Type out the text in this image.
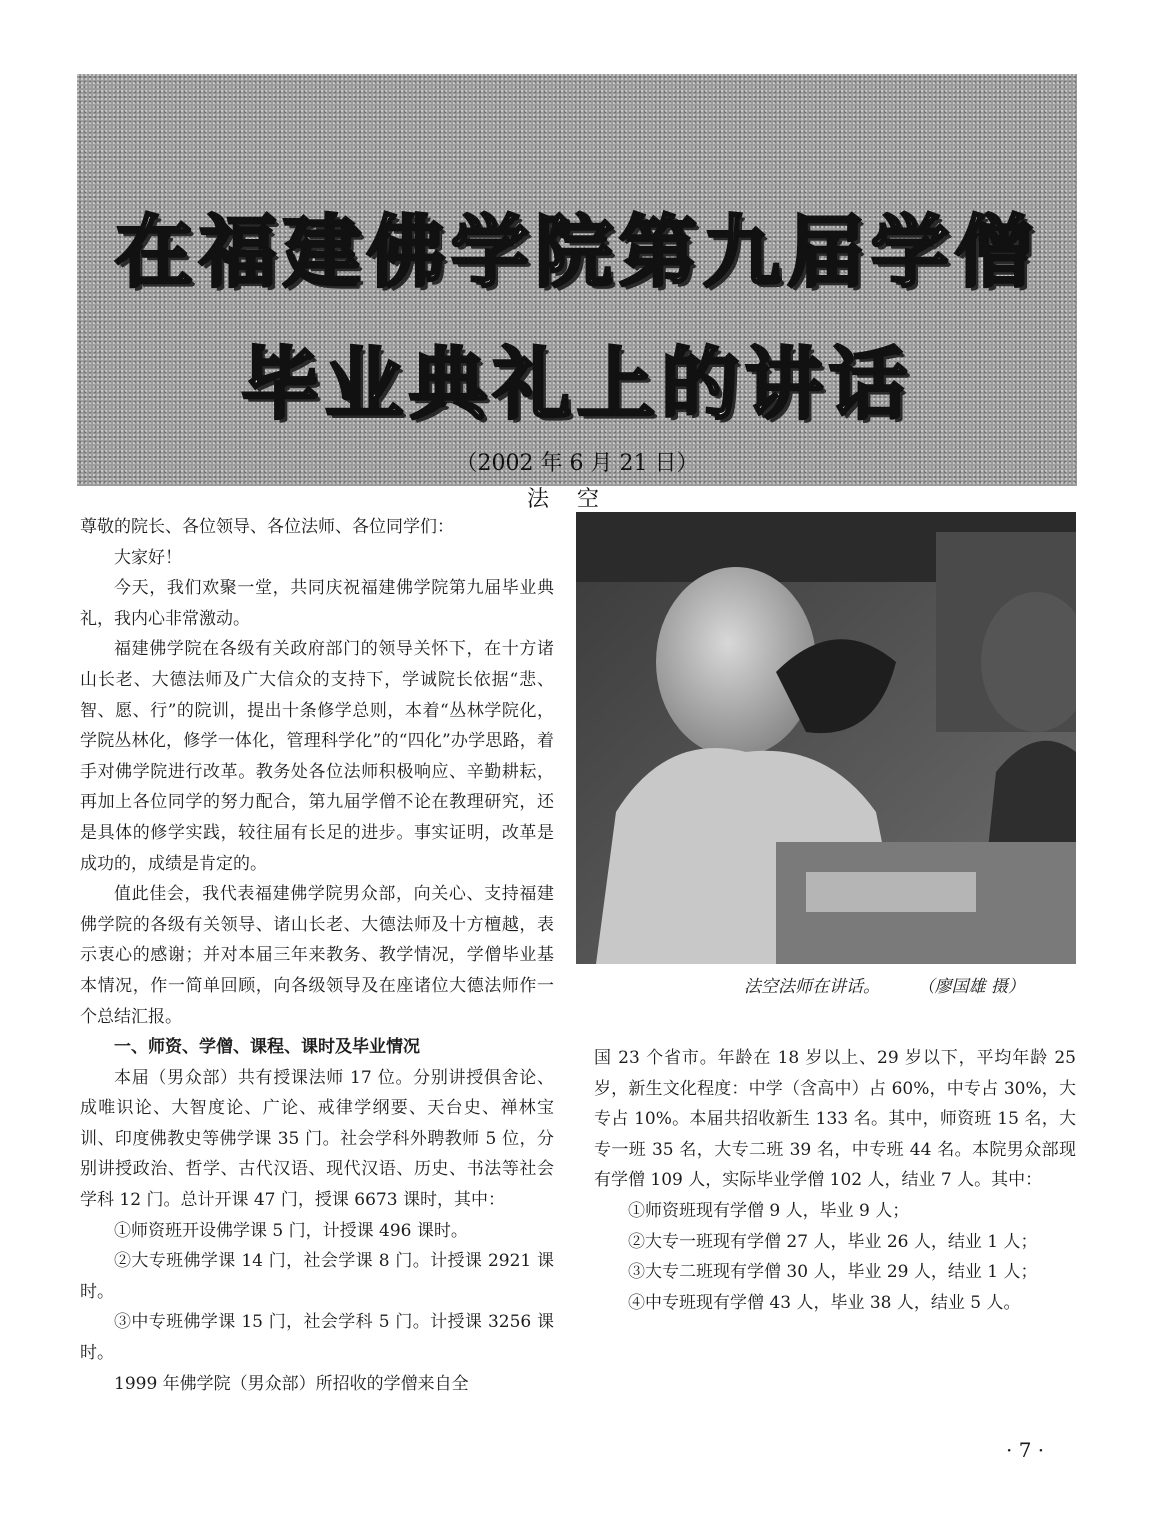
在福建佛学院第九届学僧
毕业典礼上的讲话
（2002 年 6 月 21 日）
法空

尊敬的院长、各位领导、各位法师、各位同学们：

大家好！

今天，我们欢聚一堂，共同庆祝福建佛学院第九届毕业典礼，我内心非常激动。

福建佛学院在各级有关政府部门的领导关怀下，在十方诸山长老、大德法师及广大信众的支持下，学诚院长依据“悲、智、愿、行”的院训，提出十条修学总则，本着“丛林学院化，学院丛林化，修学一体化，管理科学化”的“四化”办学思路，着手对佛学院进行改革。教务处各位法师积极响应、辛勤耕耘，再加上各位同学的努力配合，第九届学僧不论在教理研究，还是具体的修学实践，较往届有长足的进步。事实证明，改革是成功的，成绩是肯定的。

值此佳会，我代表福建佛学院男众部，向关心、支持福建佛学院的各级有关领导、诸山长老、大德法师及十方檀越，表示衷心的感谢；并对本届三年来教务、教学情况，学僧毕业基本情况，作一简单回顾，向各级领导及在座诸位大德法师作一个总结汇报。

一、师资、学僧、课程、课时及毕业情况

本届（男众部）共有授课法师 17 位。分别讲授俱舍论、成唯识论、大智度论、广论、戒律学纲要、天台史、禅林宝训、印度佛教史等佛学课 35 门。社会学科外聘教师 5 位，分别讲授政治、哲学、古代汉语、现代汉语、历史、书法等社会学科 12 门。总计开课 47 门，授课 6673 课时，其中：

①师资班开设佛学课 5 门，计授课 496 课时。

②大专班佛学课 14 门，社会学课 8 门。计授课 2921 课时。

③中专班佛学课 15 门，社会学科 5 门。计授课 3256 课时。

1999 年佛学院（男众部）所招收的学僧来自全

法空法师在讲话。	（廖国雄 摄）

国 23 个省市。年龄在 18 岁以上、29 岁以下，平均年龄 25 岁，新生文化程度：中学（含高中）占 60%，中专占 30%，大专占 10%。本届共招收新生 133 名。其中，师资班 15 名，大专一班 35 名，大专二班 39 名，中专班 44 名。本院男众部现有学僧 109 人，实际毕业学僧 102 人，结业 7 人。其中：

①师资班现有学僧 9 人，毕业 9 人；

②大专一班现有学僧 27 人，毕业 26 人，结业 1 人；

③大专二班现有学僧 30 人，毕业 29 人，结业 1 人；

④中专班现有学僧 43 人，毕业 38 人，结业 5 人。

· 7 ·
